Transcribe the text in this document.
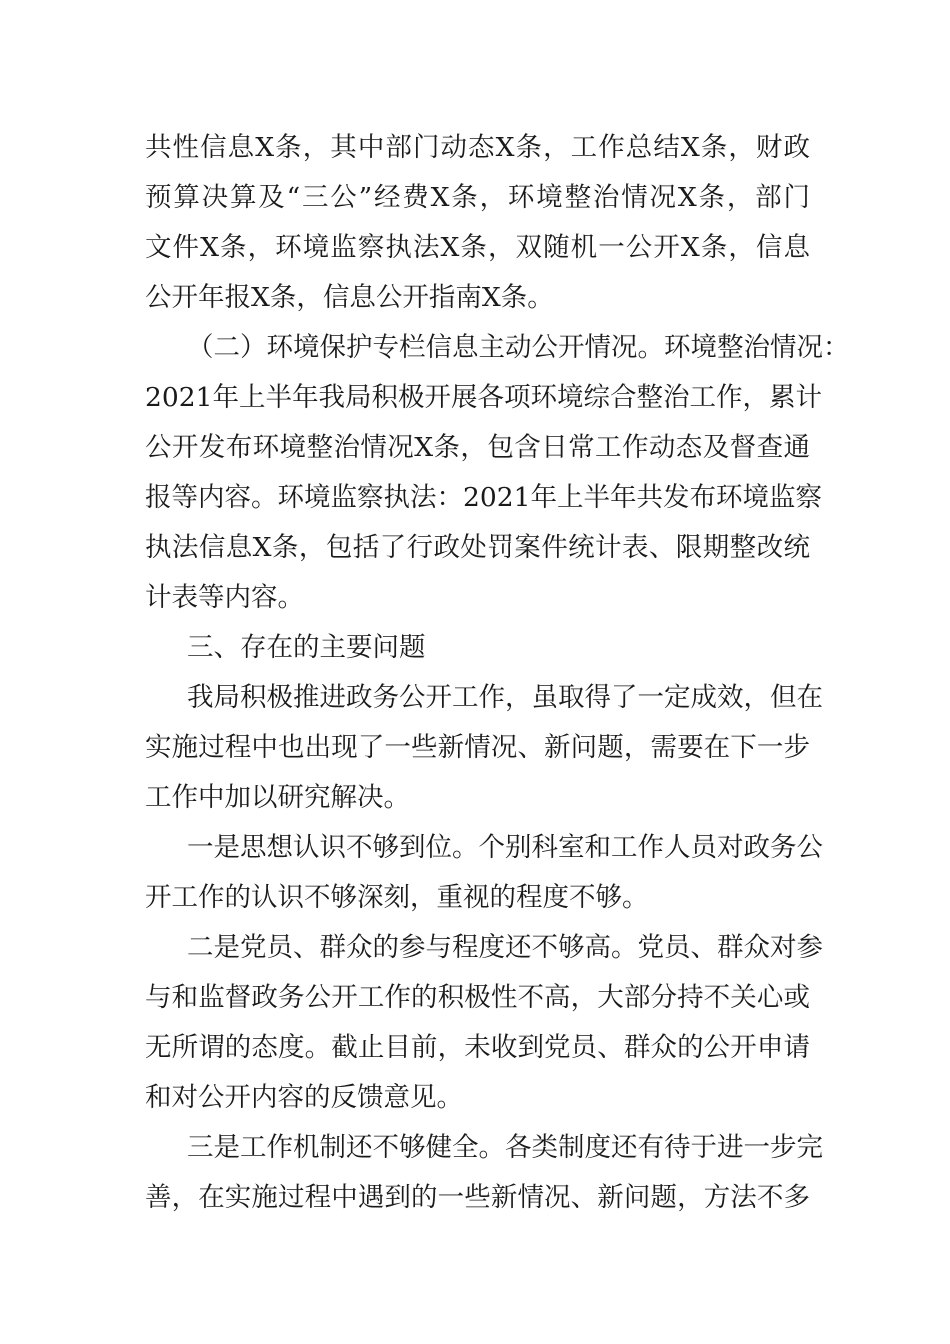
共性信息X条，其中部门动态X条，工作总结X条，财政
预算决算及“三公”经费X条，环境整治情况X条，部门
文件X条，环境监察执法X条，双随机一公开X条，信息
公开年报X条，信息公开指南X条。
（二）环境保护专栏信息主动公开情况。环境整治情况：
2021年上半年我局积极开展各项环境综合整治工作，累计
公开发布环境整治情况X条，包含日常工作动态及督查通
报等内容。环境监察执法：2021年上半年共发布环境监察
执法信息X条，包括了行政处罚案件统计表、限期整改统
计表等内容。
三、存在的主要问题
我局积极推进政务公开工作，虽取得了一定成效，但在
实施过程中也出现了一些新情况、新问题，需要在下一步
工作中加以研究解决。
一是思想认识不够到位。个别科室和工作人员对政务公
开工作的认识不够深刻，重视的程度不够。
二是党员、群众的参与程度还不够高。党员、群众对参
与和监督政务公开工作的积极性不高，大部分持不关心或
无所谓的态度。截止目前，未收到党员、群众的公开申请
和对公开内容的反馈意见。
三是工作机制还不够健全。各类制度还有待于进一步完
善，在实施过程中遇到的一些新情况、新问题，方法不多
